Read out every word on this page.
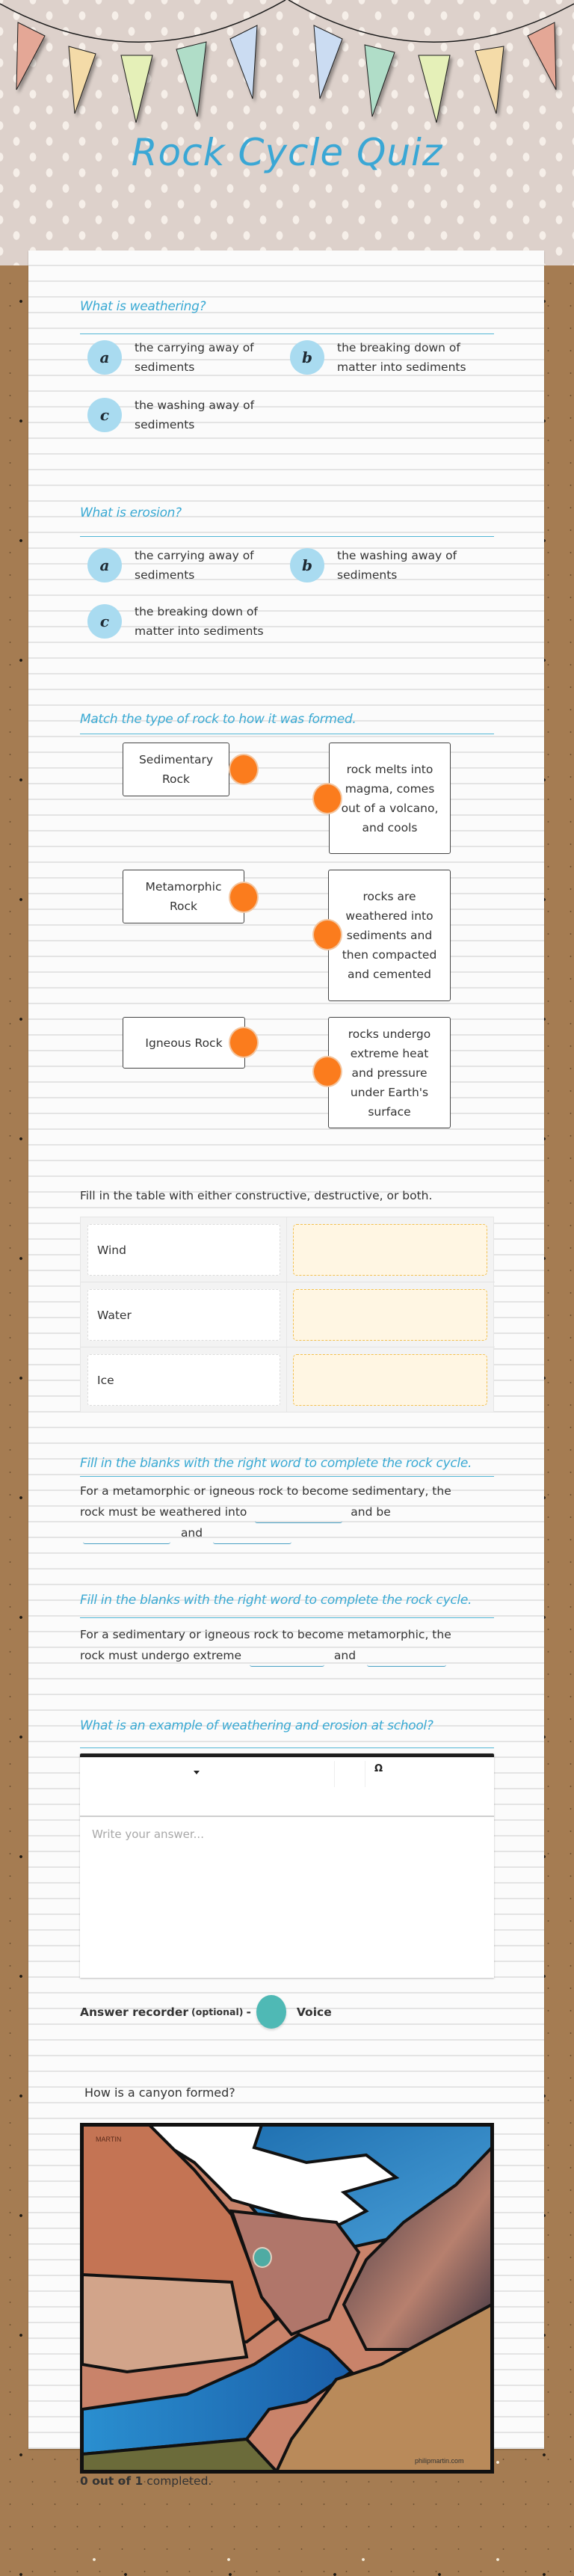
Rock Cycle Quiz
What is weathering?
a
the carrying away of sediments
b
the breaking down of matter into sediments
c
the washing away of sediments
What is erosion?
a
the carrying away of sediments
b
the washing away of sediments
c
the breaking down of matter into sediments
Match the type of rock to how it was formed.
Sedimentary Rock
rock melts into magma, comes out of a volcano, and cools
Metamorphic Rock
rocks are weathered into sediments and then compacted and cemented
Igneous Rock
rocks undergo extreme heat and pressure under Earth's surface
Fill in the table with either constructive, destructive, or both.
Wind
Water
Ice
Fill in the blanks with the right word to complete the rock cycle.
For a metamorphic or igneous rock to become sedimentary, the
rock must be weathered into	and be
and
Fill in the blanks with the right word to complete the rock cycle.
For a sedimentary or igneous rock to become metamorphic, the
rock must undergo extreme	and
What is an example of weathering and erosion at school?
Ω
Write your answer...
Answer recorder (optional) -	Voice
How is a canyon formed?
MARTIN
philipmartin.com
0 out of 1 completed.
